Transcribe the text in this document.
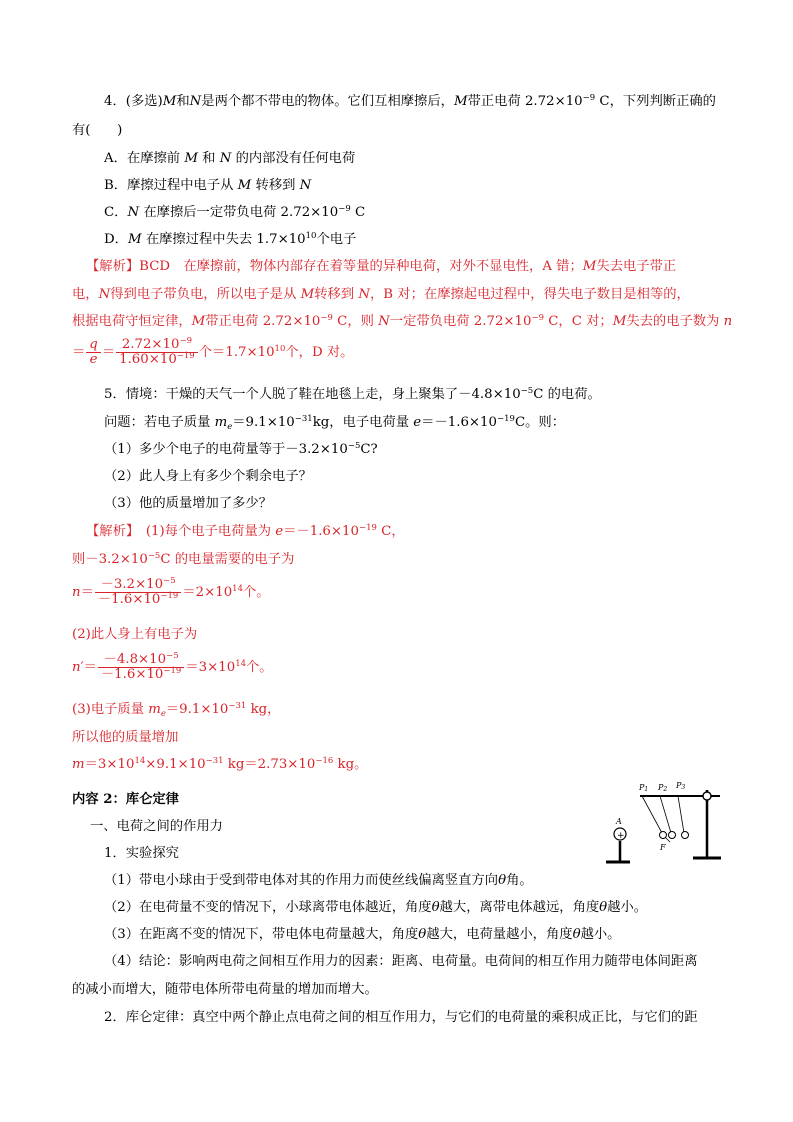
4．(多选)M和N是两个都不带电的物体。它们互相摩擦后，M带正电荷 $2.72\times 10^{-9}$ C，下列判断正确的
有(　　)
A．在摩擦前 M 和 N 的内部没有任何电荷
B．摩擦过程中电子从 M 转移到 N
C．N 在摩擦后一定带负电荷 $2.72\times 10^{-9}$ C
D．M 在摩擦过程中失去 $1.7\times 10^{10}$个电子
【解析】BCD　在摩擦前，物体内部存在着等量的异种电荷，对外不显电性，A 错；M失去电子带正
电，N得到电子带负电，所以电子是从 M转移到 N，B 对；在摩擦起电过程中，得失电子数目是相等的，
根据电荷守恒定律，M带正电荷 $2.72\times 10^{-9}$ C，则 N一定带负电荷 $2.72\times 10^{-9}$ C，C 对；M失去的电子数为 n
＝ $\frac{q}{e} = \frac{2.72\times 10^{-9}}{1.60\times 10^{-19}}$ 个$=1.7\times 10^{10}$个，D 对。
5．情境：干燥的天气一个人脱了鞋在地毯上走，身上聚集了$-4.8\times 10^{-5}C$ 的电荷。
问题：若电子质量 $m_e=9.1\times 10^{-31}kg$，电子电荷量 $e=-1.6\times 10^{-19}C$。则：
（1）多少个电子的电荷量等于$-3.2\times 10^{-5}C$?
（2）此人身上有多少个剩余电子？
（3）他的质量增加了多少？
【解析】　(1)每个电子电荷量为 $e=-1.6\times 10^{-19}$ C，
则$-3.2\times 10^{-5}C$ 的电量需要的电子为
$n= \frac{-3.2\times 10^{-5}}{-1.6\times 10^{-19}} =2\times 10^{14}$个。
(2)此人身上有电子为
$n'= \frac{-4.8\times 10^{-5}}{-1.6\times 10^{-19}} =3\times 10^{14}$个。
(3)电子质量 $m_e=9.1\times 10^{-31}$ kg，
所以他的质量增加
$m=3\times 10^{14}\times 9.1\times 10^{-31}$ $kg=2.73\times 10^{-16}$ kg。
内容 2：库仑定律
一、电荷之间的作用力
1．实验探究
（1）带电小球由于受到带电体对其的作用力而使丝线偏离竖直方向θ角。
（2）在电荷量不变的情况下，小球离带电体越近，角度θ越大，离带电体越远，角度θ越小。
（3）在距离不变的情况下，带电体电荷量越大，角度θ越大，电荷量越小，角度θ越小。
（4）结论：影响两电荷之间相互作用力的因素：距离、电荷量。电荷间的相互作用力随带电体间距离
的减小而增大，随带电体所带电荷量的增加而增大。
2．库仑定律：真空中两个静止点电荷之间的相互作用力，与它们的电荷量的乘积成正比，与它们的距
+
A
P1 P2 P3
F
